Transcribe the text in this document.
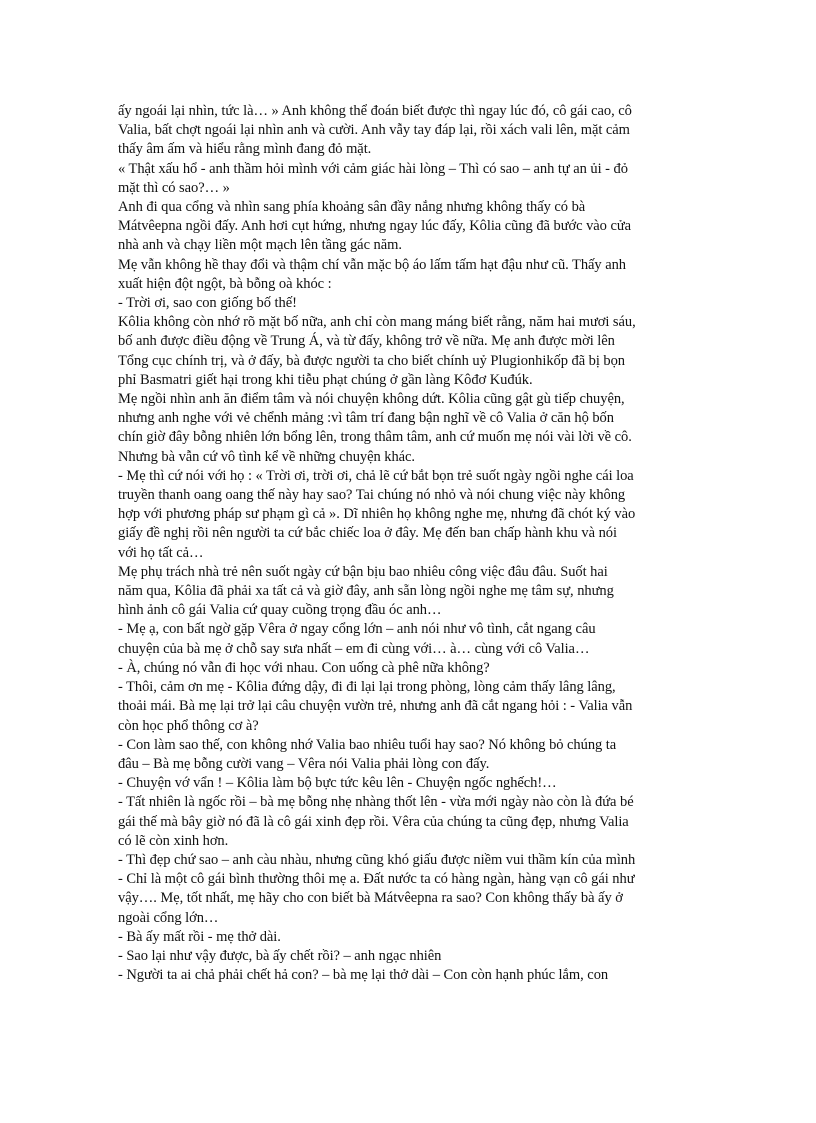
ấy ngoái lại nhìn, tức là… » Anh không thể đoán biết được thì ngay lúc đó, cô gái cao, cô
Valia, bất chợt ngoái lại nhìn anh và cười. Anh vẫy tay đáp lại, rồi xách vali lên, mặt cảm
thấy âm ấm và hiểu rằng mình đang đỏ mặt.
« Thật xấu hổ - anh thầm hỏi mình với cảm giác hài lòng – Thì có sao – anh tự an ủi - đỏ
mặt thì có sao?… »
Anh đi qua cổng và nhìn sang phía khoảng sân đầy nắng nhưng không thấy có bà
Mátvêepna ngồi đấy. Anh hơi cụt hứng, nhưng ngay lúc đấy, Kôlia cũng đã bước vào cửa
nhà anh và chạy liền một mạch lên tầng gác năm.
Mẹ vẫn không hề thay đổi và thậm chí vẫn mặc bộ áo lấm tấm hạt đậu như cũ. Thấy anh
xuất hiện đột ngột, bà bỗng oà khóc :
- Trời ơi, sao con giống bố thế!
Kôlia không còn nhớ rõ mặt bố nữa, anh chỉ còn mang máng biết rằng, năm hai mươi sáu,
bố anh được điều động về Trung Á, và từ đấy, không trở về nữa. Mẹ anh được mời lên
Tổng cục chính trị, và ở đấy, bà được người ta cho biết chính uỷ Plugionhikốp đã bị bọn
phỉ Basmatri giết hại trong khi tiễu phạt chúng ở gần làng Kôđơ Kuđúk.
Mẹ ngồi nhìn anh ăn điểm tâm và nói chuyện không dứt. Kôlia cũng gật gù tiếp chuyện,
nhưng anh nghe với vẻ chểnh mảng :vì tâm trí đang bận nghĩ về cô Valia ở căn hộ bốn
chín giờ đây bỗng nhiên lớn bổng lên, trong thâm tâm, anh cứ muốn mẹ nói vài lời về cô.
Nhưng bà vẫn cứ vô tình kể về những chuyện khác.
- Mẹ thì cứ nói với họ : « Trời ơi, trời ơi, chả lẽ cứ bắt bọn trẻ suốt ngày ngồi nghe cái loa
truyền thanh oang oang thế này hay sao? Tai chúng nó nhỏ và nói chung việc này không
hợp với phương pháp sư phạm gì cả ». Dĩ nhiên họ không nghe mẹ, nhưng đã chót ký vào
giấy đề nghị rồi nên người ta cứ bắc chiếc loa ở đây. Mẹ đến ban chấp hành khu và nói
với họ tất cả…
Mẹ phụ trách nhà trẻ nên suốt ngày cứ bận bịu bao nhiêu công việc đâu đâu. Suốt hai
năm qua, Kôlia đã phải xa tất cả và giờ đây, anh sẵn lòng ngồi nghe mẹ tâm sự, nhưng
hình ảnh cô gái Valia cứ quay cuồng trọng đầu óc anh…
- Mẹ ạ, con bất ngờ gặp Vêra ở ngay cổng lớn – anh nói như vô tình, cắt ngang câu
chuyện của bà mẹ ở chỗ say sưa nhất – em đi cùng với… à… cùng với cô Valia…
- À, chúng nó vẫn đi học với nhau. Con uống cà phê nữa không?
- Thôi, cảm ơn mẹ - Kôlia đứng dậy, đi đi lại lại trong phòng, lòng cảm thấy lâng lâng,
thoải mái. Bà mẹ lại trở lại câu chuyện vườn trẻ, nhưng anh đã cắt ngang hỏi : - Valia vẫn
còn học phổ thông cơ à?
- Con làm sao thế, con không nhớ Valia bao nhiêu tuổi hay sao? Nó không bỏ chúng ta
đâu – Bà mẹ bỗng cười vang – Vêra nói Valia phải lòng con đấy.
- Chuyện vớ vẩn ! – Kôlia làm bộ bực tức kêu lên - Chuyện ngốc nghếch!…
- Tất nhiên là ngốc rồi – bà mẹ bỗng nhẹ nhàng thốt lên - vừa mới ngày nào còn là đứa bé
gái thế mà bây giờ nó đã là cô gái xinh đẹp rồi. Vêra của chúng ta cũng đẹp, nhưng Valia
có lẽ còn xinh hơn.
- Thì đẹp chứ sao – anh càu nhàu, nhưng cũng khó giấu được niềm vui thầm kín của mình
- Chỉ là một cô gái bình thường thôi mẹ a. Đất nước ta có hàng ngàn, hàng vạn cô gái như
vậy…. Mẹ, tốt nhất, mẹ hãy cho con biết bà Mátvêepna ra sao? Con không thấy bà ấy ở
ngoài cổng lớn…
- Bà ấy mất rồi - mẹ thở dài.
- Sao lại như vậy được, bà ấy chết rồi? – anh ngạc nhiên
- Người ta ai chả phải chết hả con? – bà mẹ lại thở dài – Con còn hạnh phúc lắm, con
